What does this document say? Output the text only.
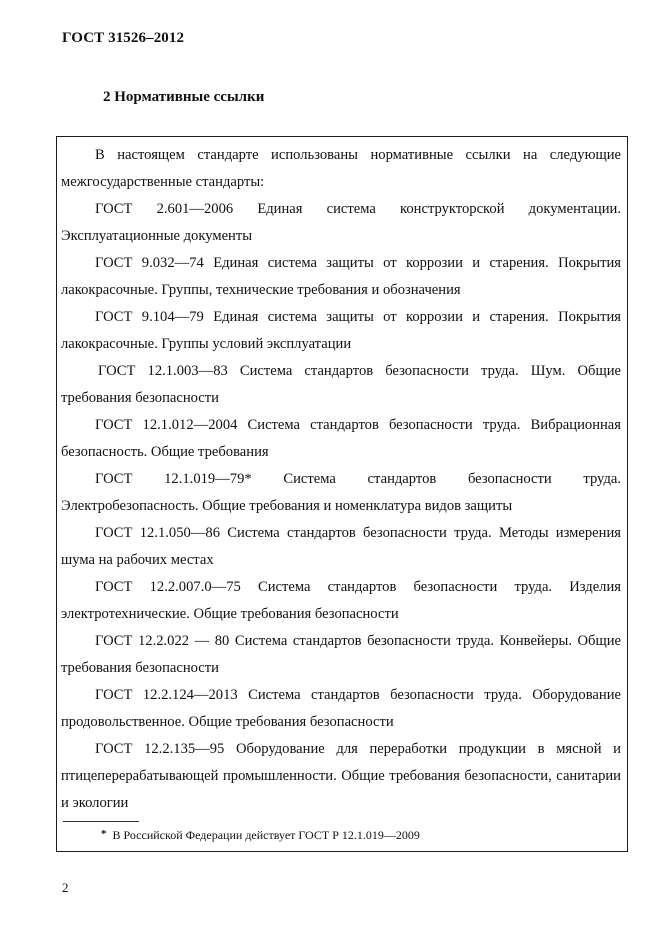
ГОСТ 31526–2012
2 Нормативные ссылки

В настоящем стандарте использованы нормативные ссылки на следующие межгосударственные стандарты:

ГОСТ 2.601—2006 Единая система конструкторской документации. Эксплуатационные документы

ГОСТ 9.032—74 Единая система защиты от коррозии и старения. Покрытия лакокрасочные. Группы, технические требования и обозначения

ГОСТ 9.104—79 Единая система защиты от коррозии и старения. Покрытия лакокрасочные. Группы условий эксплуатации

ГОСТ 12.1.003—83 Система стандартов безопасности труда. Шум. Общие требования безопасности

ГОСТ 12.1.012—2004 Система стандартов безопасности труда. Вибрационная безопасность. Общие требования

ГОСТ 12.1.019—79* Система стандартов безопасности труда. Электробезопасность. Общие требования и номенклатура видов защиты

ГОСТ 12.1.050—86 Система стандартов безопасности труда. Методы измерения шума на рабочих местах

ГОСТ 12.2.007.0—75 Система стандартов безопасности труда. Изделия электротехнические. Общие требования безопасности

ГОСТ 12.2.022 — 80 Система стандартов безопасности труда. Конвейеры. Общие требования безопасности

ГОСТ 12.2.124—2013 Система стандартов безопасности труда. Оборудование продовольственное. Общие требования безопасности

ГОСТ 12.2.135—95 Оборудование для переработки продукции в мясной и птицеперерабатывающей промышленности. Общие требования безопасности, санитарии и экологии

* В Российской Федерации действует ГОСТ Р 12.1.019—2009
2
